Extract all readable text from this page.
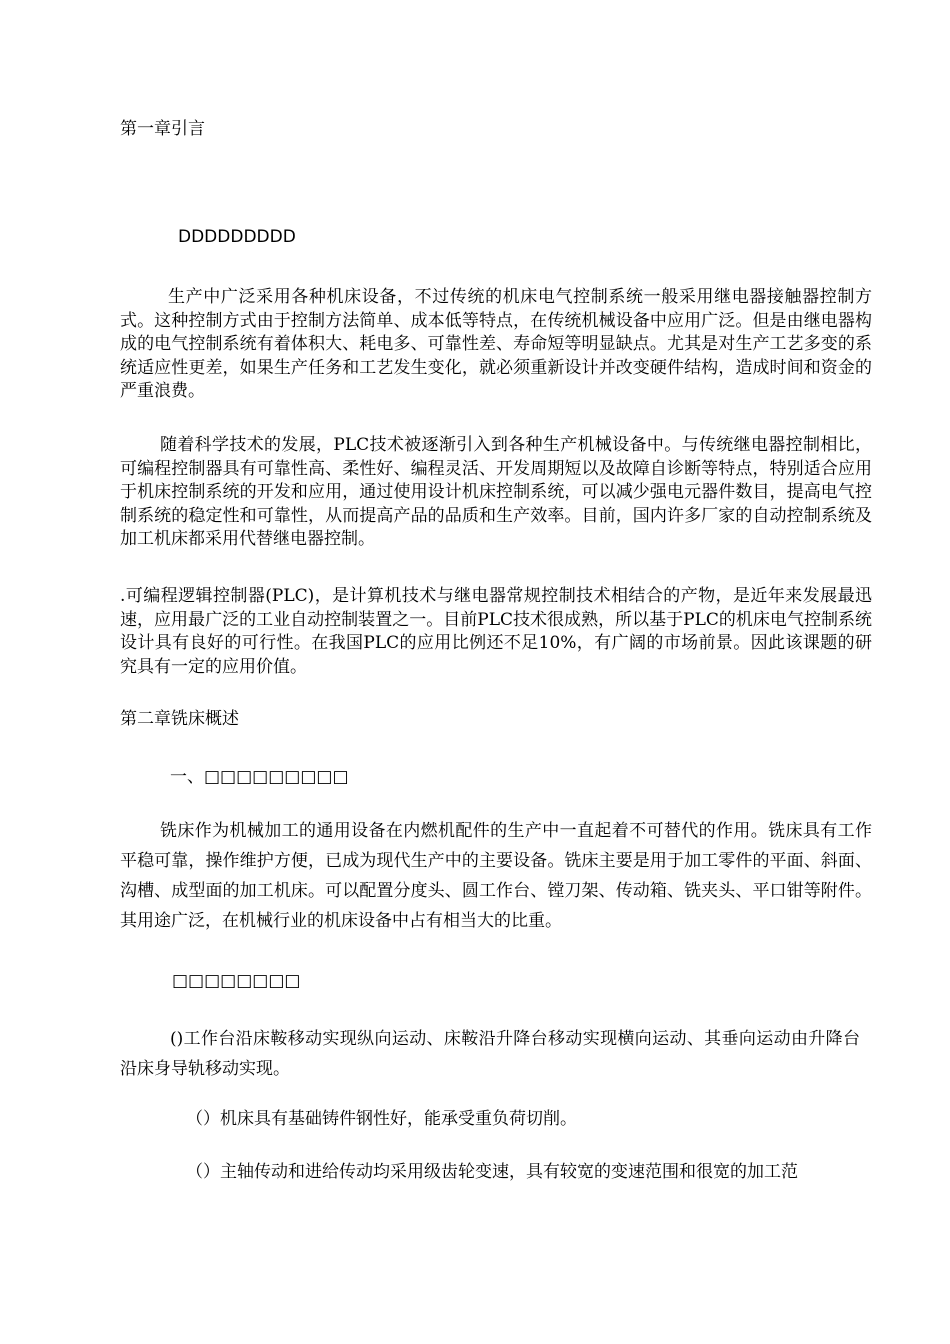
第一章引言

DDDDDDDDD

生产中广泛采用各种机床设备，不过传统的机床电气控制系统一般采用继电器接触器控制方式。这种控制方式由于控制方法简单、成本低等特点，在传统机械设备中应用广泛。但是由继电器构成的电气控制系统有着体积大、耗电多、可靠性差、寿命短等明显缺点。尤其是对生产工艺多变的系统适应性更差，如果生产任务和工艺发生变化，就必须重新设计并改变硬件结构，造成时间和资金的严重浪费。

随着科学技术的发展，PLC技术被逐渐引入到各种生产机械设备中。与传统继电器控制相比，可编程控制器具有可靠性高、柔性好、编程灵活、开发周期短以及故障自诊断等特点，特别适合应用于机床控制系统的开发和应用，通过使用设计机床控制系统，可以减少强电元器件数目，提高电气控制系统的稳定性和可靠性，从而提高产品的品质和生产效率。目前，国内许多厂家的自动控制系统及加工机床都采用代替继电器控制。

.可编程逻辑控制器(PLC)，是计算机技术与继电器常规控制技术相结合的产物，是近年来发展最迅速，应用最广泛的工业自动控制装置之一。目前PLC技术很成熟，所以基于PLC的机床电气控制系统设计具有良好的可行性。在我国PLC的应用比例还不足10%，有广阔的市场前景。因此该课题的研究具有一定的应用价值。

第二章铣床概述

一、□□□□□□□□□

铣床作为机械加工的通用设备在内燃机配件的生产中一直起着不可替代的作用。铣床具有工作平稳可靠，操作维护方便，已成为现代生产中的主要设备。铣床主要是用于加工零件的平面、斜面、沟槽、成型面的加工机床。可以配置分度头、圆工作台、镗刀架、传动箱、铣夹头、平口钳等附件。其用途广泛，在机械行业的机床设备中占有相当大的比重。

□□□□□□□□

()工作台沿床鞍移动实现纵向运动、床鞍沿升降台移动实现横向运动、其垂向运动由升降台沿床身导轨移动实现。

（）机床具有基础铸件钢性好，能承受重负荷切削。

（）主轴传动和进给传动均采用级齿轮变速，具有较宽的变速范围和很宽的加工范
